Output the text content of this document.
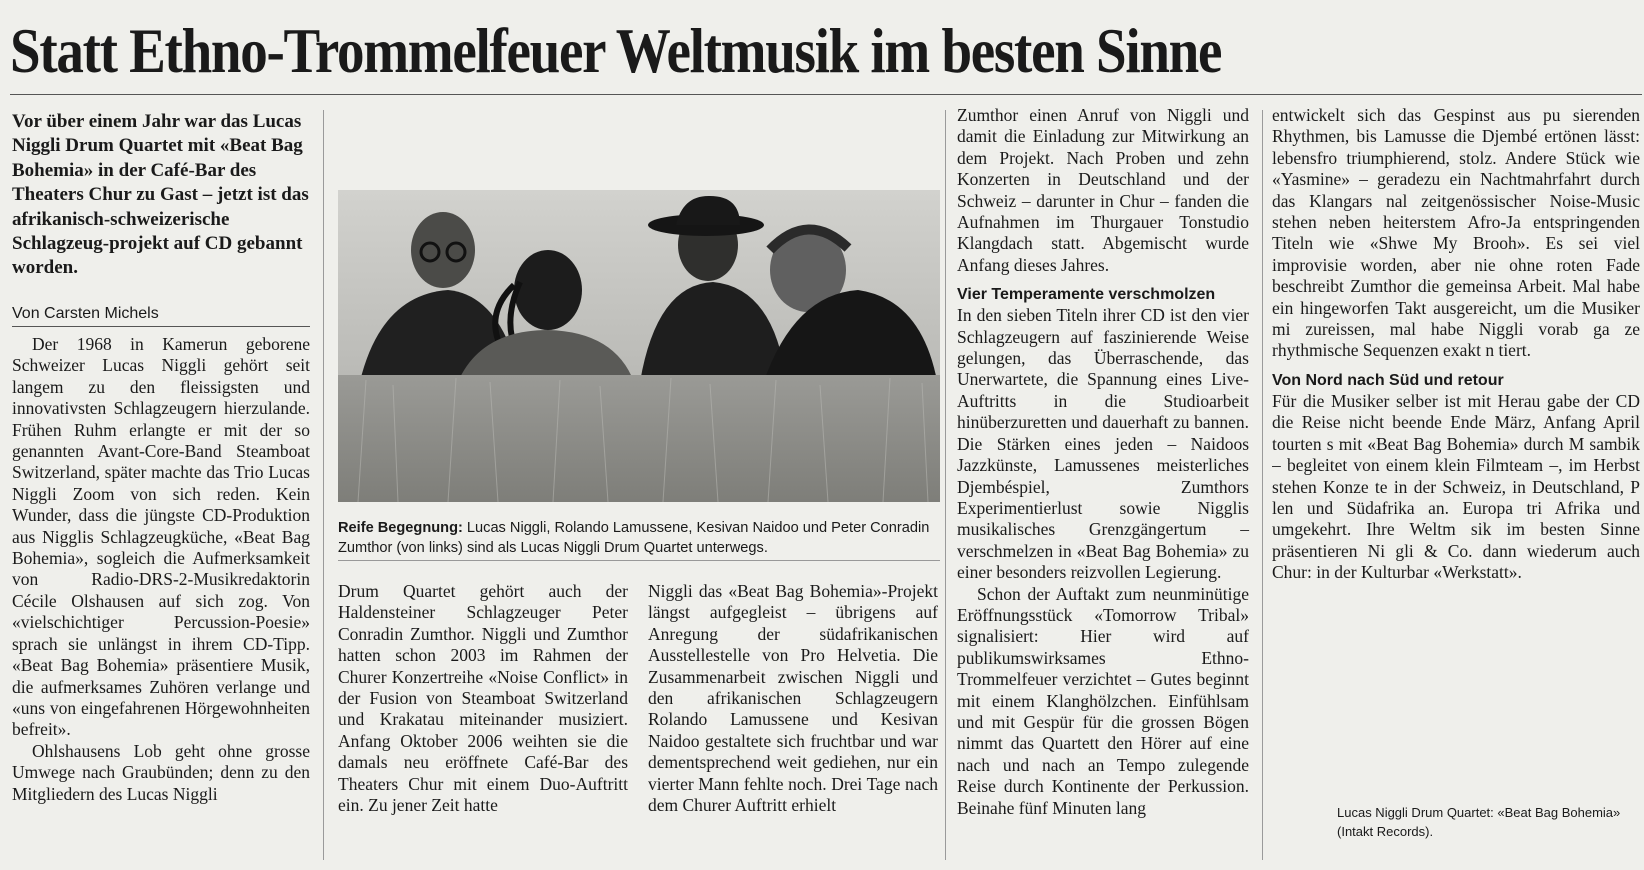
Statt Ethno-Trommelfeuer Weltmusik im besten Sinne
Vor über einem Jahr war das Lucas Niggli Drum Quartet mit «Beat Bag Bohemia» in der Café-Bar des Theaters Chur zu Gast – jetzt ist das afrikanisch-schweizerische Schlagzeug-projekt auf CD gebannt worden.
Von Carsten Michels

Der 1968 in Kamerun geborene Schweizer Lucas Niggli gehört seit langem zu den fleissigsten und innovativsten Schlagzeugern hierzulande. Frühen Ruhm erlangte er mit der so genannten Avant-Core-Band Steamboat Switzerland, später machte das Trio Lucas Niggli Zoom von sich reden. Kein Wunder, dass die jüngste CD-Produktion aus Nigglis Schlagzeugküche, «Beat Bag Bohemia», sogleich die Aufmerksamkeit von Radio-DRS-2-Musikredaktorin Cécile Olshausen auf sich zog. Von «vielschichtiger Percussion-Poesie» sprach sie unlängst in ihrem CD-Tipp. «Beat Bag Bohemia» präsentiere Musik, die aufmerksames Zuhören verlange und «uns von eingefahrenen Hörgewohnheiten befreit».

Ohlshausens Lob geht ohne grosse Umwege nach Graubünden; denn zu den Mitgliedern des Lucas Niggli

Reife Begegnung: Lucas Niggli, Rolando Lamussene, Kesivan Naidoo und Peter Conradin Zumthor (von links) sind als Lucas Niggli Drum Quartet unterwegs.

Drum Quartet gehört auch der Haldensteiner Schlagzeuger Peter Conradin Zumthor. Niggli und Zumthor hatten schon 2003 im Rahmen der Churer Konzertreihe «Noise Conflict» in der Fusion von Steamboat Switzerland und Krakatau miteinander musiziert. Anfang Oktober 2006 weihten sie die damals neu eröffnete Café-Bar des Theaters Chur mit einem Duo-Auftritt ein. Zu jener Zeit hatte

Niggli das «Beat Bag Bohemia»-Projekt längst aufgegleist – übrigens auf Anregung der südafrikanischen Ausstellestelle von Pro Helvetia. Die Zusammenarbeit zwischen Niggli und den afrikanischen Schlagzeugern Rolando Lamussene und Kesivan Naidoo gestaltete sich fruchtbar und war dementsprechend weit gediehen, nur ein vierter Mann fehlte noch. Drei Tage nach dem Churer Auftritt erhielt

Zumthor einen Anruf von Niggli und damit die Einladung zur Mitwirkung an dem Projekt. Nach Proben und zehn Konzerten in Deutschland und der Schweiz – darunter in Chur – fanden die Aufnahmen im Thurgauer Tonstudio Klangdach statt. Abgemischt wurde Anfang dieses Jahres.

Vier Temperamente verschmolzen

In den sieben Titeln ihrer CD ist den vier Schlagzeugern auf faszinierende Weise gelungen, das Überraschende, das Unerwartete, die Spannung eines Live-Auftritts in die Studioarbeit hinüberzuretten und dauerhaft zu bannen. Die Stärken eines jeden – Naidoos Jazzkünste, Lamussenes meisterliches Djembéspiel, Zumthors Experimentierlust sowie Nigglis musikalisches Grenzgängertum – verschmelzen in «Beat Bag Bohemia» zu einer besonders reizvollen Legierung.

Schon der Auftakt zum neunminütige Eröffnungsstück «Tomorrow Tribal» signalisiert: Hier wird auf publikumswirksames Ethno-Trommelfeuer verzichtet – Gutes beginnt mit einem Klanghölzchen. Einfühlsam und mit Gespür für die grossen Bögen nimmt das Quartett den Hörer auf eine nach und nach an Tempo zulegende Reise durch Kontinente der Perkussion. Beinahe fünf Minuten lang

entwickelt sich das Gespinst aus pu sierenden Rhythmen, bis Lamusse die Djembé ertönen lässt: lebensfro triumphierend, stolz. Andere Stück wie «Yasmine» – geradezu ein Nachtmahrfahrt durch das Klangars nal zeitgenössischer Noise-Music stehen neben heiterstem Afro-Ja entspringenden Titeln wie «Shwe My Brooh». Es sei viel improvisie worden, aber nie ohne roten Fade beschreibt Zumthor die gemeinsa Arbeit. Mal habe ein hingeworfen Takt ausgereicht, um die Musiker mi zureissen, mal habe Niggli vorab ga ze rhythmische Sequenzen exakt n tiert.

Von Nord nach Süd und retour

Für die Musiker selber ist mit Herau gabe der CD die Reise nicht beende Ende März, Anfang April tourten s mit «Beat Bag Bohemia» durch M sambik – begleitet von einem klein Filmteam –, im Herbst stehen Konze te in der Schweiz, in Deutschland, P len und Südafrika an. Europa tri Afrika und umgekehrt. Ihre Weltm sik im besten Sinne präsentieren Ni gli & Co. dann wiederum auch Chur: in der Kulturbar «Werkstatt».

Lucas Niggli Drum Quartet: «Beat Bag Bohemia» (Intakt Records).
